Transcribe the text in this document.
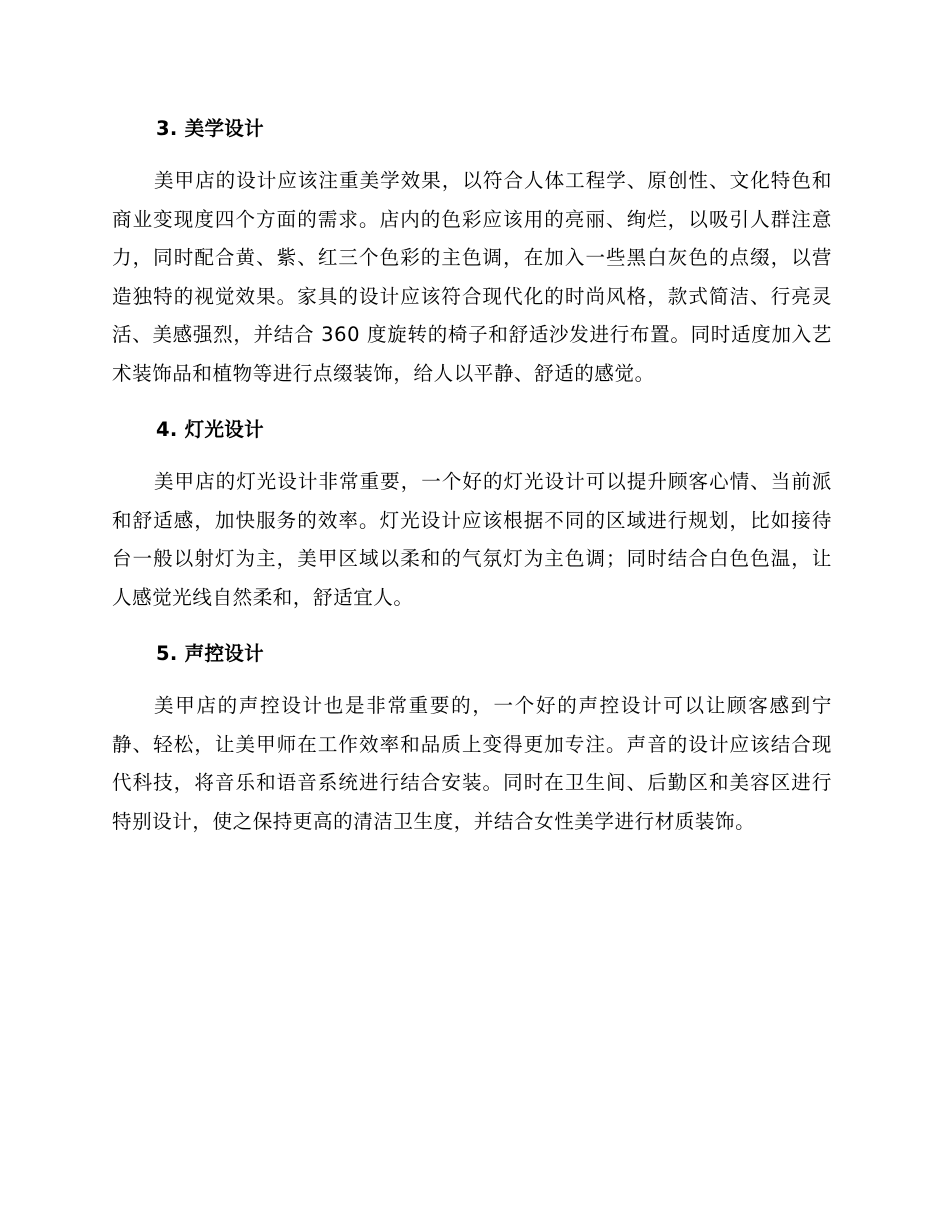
3. 美学设计

美甲店的设计应该注重美学效果，以符合人体工程学、原创性、文化特色和商业变现度四个方面的需求。店内的色彩应该用的亮丽、绚烂，以吸引人群注意力，同时配合黄、紫、红三个色彩的主色调，在加入一些黑白灰色的点缀，以营造独特的视觉效果。家具的设计应该符合现代化的时尚风格，款式简洁、行亮灵活、美感强烈，并结合 360 度旋转的椅子和舒适沙发进行布置。同时适度加入艺术装饰品和植物等进行点缀装饰，给人以平静、舒适的感觉。

4. 灯光设计

美甲店的灯光设计非常重要，一个好的灯光设计可以提升顾客心情、当前派和舒适感，加快服务的效率。灯光设计应该根据不同的区域进行规划，比如接待台一般以射灯为主，美甲区域以柔和的气氛灯为主色调；同时结合白色色温，让人感觉光线自然柔和，舒适宜人。

5. 声控设计

美甲店的声控设计也是非常重要的，一个好的声控设计可以让顾客感到宁静、轻松，让美甲师在工作效率和品质上变得更加专注。声音的设计应该结合现代科技，将音乐和语音系统进行结合安装。同时在卫生间、后勤区和美容区进行特别设计，使之保持更高的清洁卫生度，并结合女性美学进行材质装饰。
